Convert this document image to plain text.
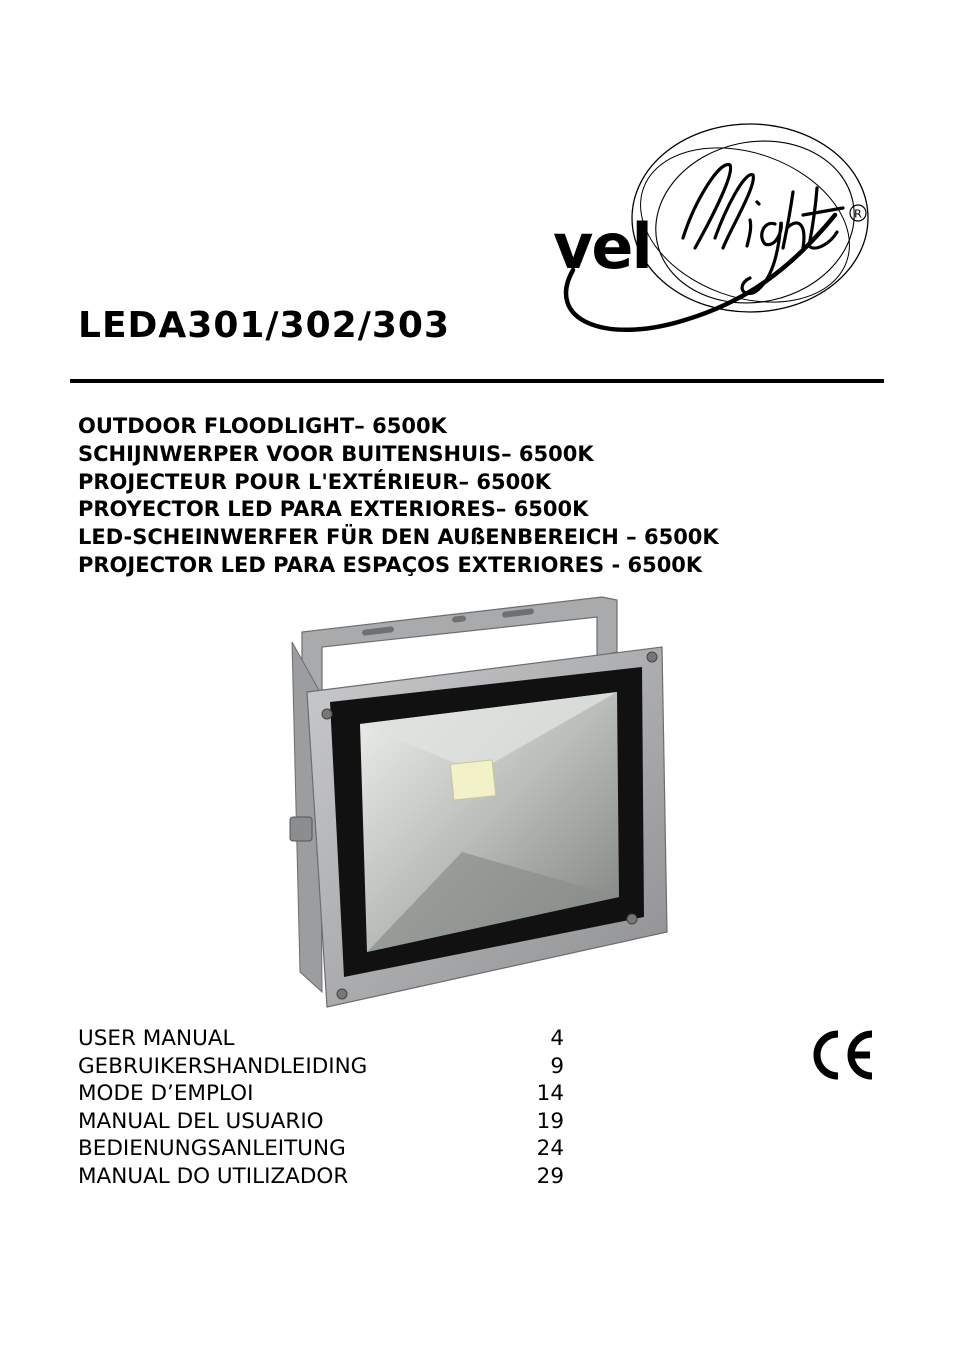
vel	R
LEDA301/302/303
OUTDOOR FLOODLIGHT– 6500K
SCHIJNWERPER VOOR BUITENSHUIS– 6500K
PROJECTEUR POUR L'EXTÉRIEUR– 6500K
PROYECTOR LED PARA EXTERIORES– 6500K
LED-SCHEINWERFER FÜR DEN AUßENBEREICH – 6500K
PROJECTOR LED PARA ESPAÇOS EXTERIORES - 6500K
USER MANUAL	4
GEBRUIKERSHANDLEIDING	9
MODE D’EMPLOI	14
MANUAL DEL USUARIO	19
BEDIENUNGSANLEITUNG	24
MANUAL DO UTILIZADOR	29
